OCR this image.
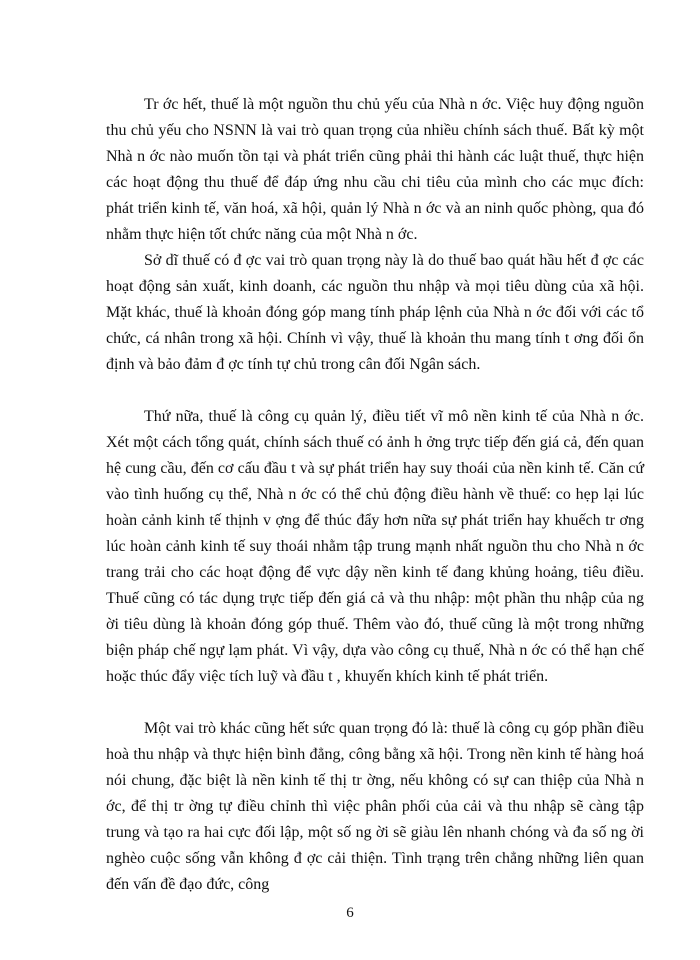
Tr ớc hết, thuế là một nguồn thu chủ yếu của Nhà n ớc. Việc huy động nguồn thu chủ yếu cho NSNN là vai trò quan trọng của nhiều chính sách thuế. Bất kỳ một Nhà n ớc nào muốn tồn tại và phát triển cũng phải thi hành các luật thuế, thực hiện các hoạt động thu thuế để đáp ứng nhu cầu chi tiêu của mình cho các mục đích: phát triển kinh tế, văn hoá, xã hội, quản lý Nhà n ớc và an ninh quốc phòng, qua đó nhằm thực hiện tốt chức năng của một Nhà n ớc.

Sở dĩ thuế có đ ợc vai trò quan trọng này là do thuế bao quát hầu hết đ ợc các hoạt động sản xuất, kinh doanh, các nguồn thu nhập và mọi tiêu dùng của xã hội. Mặt khác, thuế là khoản đóng góp mang tính pháp lệnh của Nhà n ớc đối với các tổ chức, cá nhân trong xã hội. Chính vì vậy, thuế là khoản thu mang tính t ơng đối ổn định và bảo đảm đ ợc tính tự chủ trong cân đối Ngân sách.

Thứ nữa, thuế là công cụ quản lý, điều tiết vĩ mô nền kinh tế của Nhà n ớc. Xét một cách tổng quát, chính sách thuế có ảnh h ởng trực tiếp đến giá cả, đến quan hệ cung cầu, đến cơ cấu đầu t và sự phát triển hay suy thoái của nền kinh tế. Căn cứ vào tình huống cụ thể, Nhà n ớc có thể chủ động điều hành về thuế: co hẹp lại lúc hoàn cảnh kinh tế thịnh v ợng để thúc đẩy hơn nữa sự phát triển hay khuếch tr ơng lúc hoàn cảnh kinh tế suy thoái nhằm tập trung mạnh nhất nguồn thu cho Nhà n ớc trang trải cho các hoạt động để vực dậy nền kinh tế đang khủng hoảng, tiêu điều. Thuế cũng có tác dụng trực tiếp đến giá cả và thu nhập: một phần thu nhập của ng ời tiêu dùng là khoản đóng góp thuế. Thêm vào đó, thuế cũng là một trong những biện pháp chế ngự lạm phát. Vì vậy, dựa vào công cụ thuế, Nhà n ớc có thể hạn chế hoặc thúc đẩy việc tích luỹ và đầu t , khuyến khích kinh tế phát triển.

Một vai trò khác cũng hết sức quan trọng đó là: thuế là công cụ góp phần điều hoà thu nhập và thực hiện bình đẳng, công bằng xã hội. Trong nền kinh tế hàng hoá nói chung, đặc biệt là nền kinh tế thị tr ờng, nếu không có sự can thiệp của Nhà n ớc, để thị tr ờng tự điều chỉnh thì việc phân phối của cải và thu nhập sẽ càng tập trung và tạo ra hai cực đối lập, một số ng ời sẽ giàu lên nhanh chóng và đa số ng ời nghèo cuộc sống vẫn không đ ợc cải thiện. Tình trạng trên chẳng những liên quan đến vấn đề đạo đức, công

6
